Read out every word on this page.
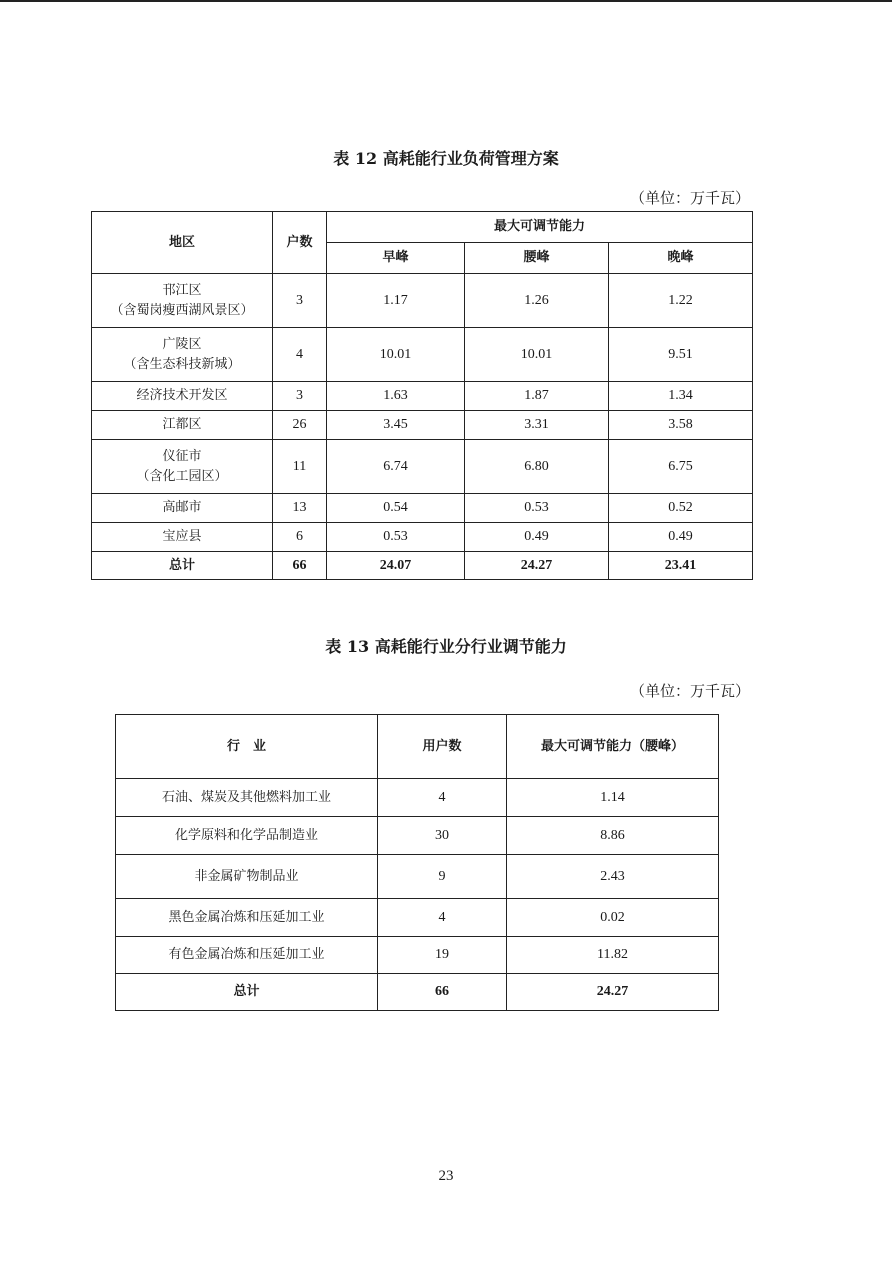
表 12 高耗能行业负荷管理方案
（单位：万千瓦）
地区	户数	最大可调节能力		
		早峰	腰峰	晚峰

邗江区
（含蜀岗瘦西湖风景区）	3	1.17	1.26	1.22

广陵区
（含生态科技新城）	4	10.01	10.01	9.51
经济技术开发区	3	1.63	1.87	1.34
江都区	26	3.45	3.31	3.58

仪征市
（含化工园区）	11	6.74	6.80	6.75
高邮市	13	0.54	0.53	0.52
宝应县	6	0.53	0.49	0.49
总计	66	24.07	24.27	23.41
表 13 高耗能行业分行业调节能力
（单位：万千瓦）
行　业	用户数	最大可调节能力（腰峰）
石油、煤炭及其他燃料加工业	4	1.14
化学原料和化学品制造业	30	8.86
非金属矿物制品业	9	2.43
黑色金属冶炼和压延加工业	4	0.02
有色金属冶炼和压延加工业	19	11.82
总计	66	24.27
23
